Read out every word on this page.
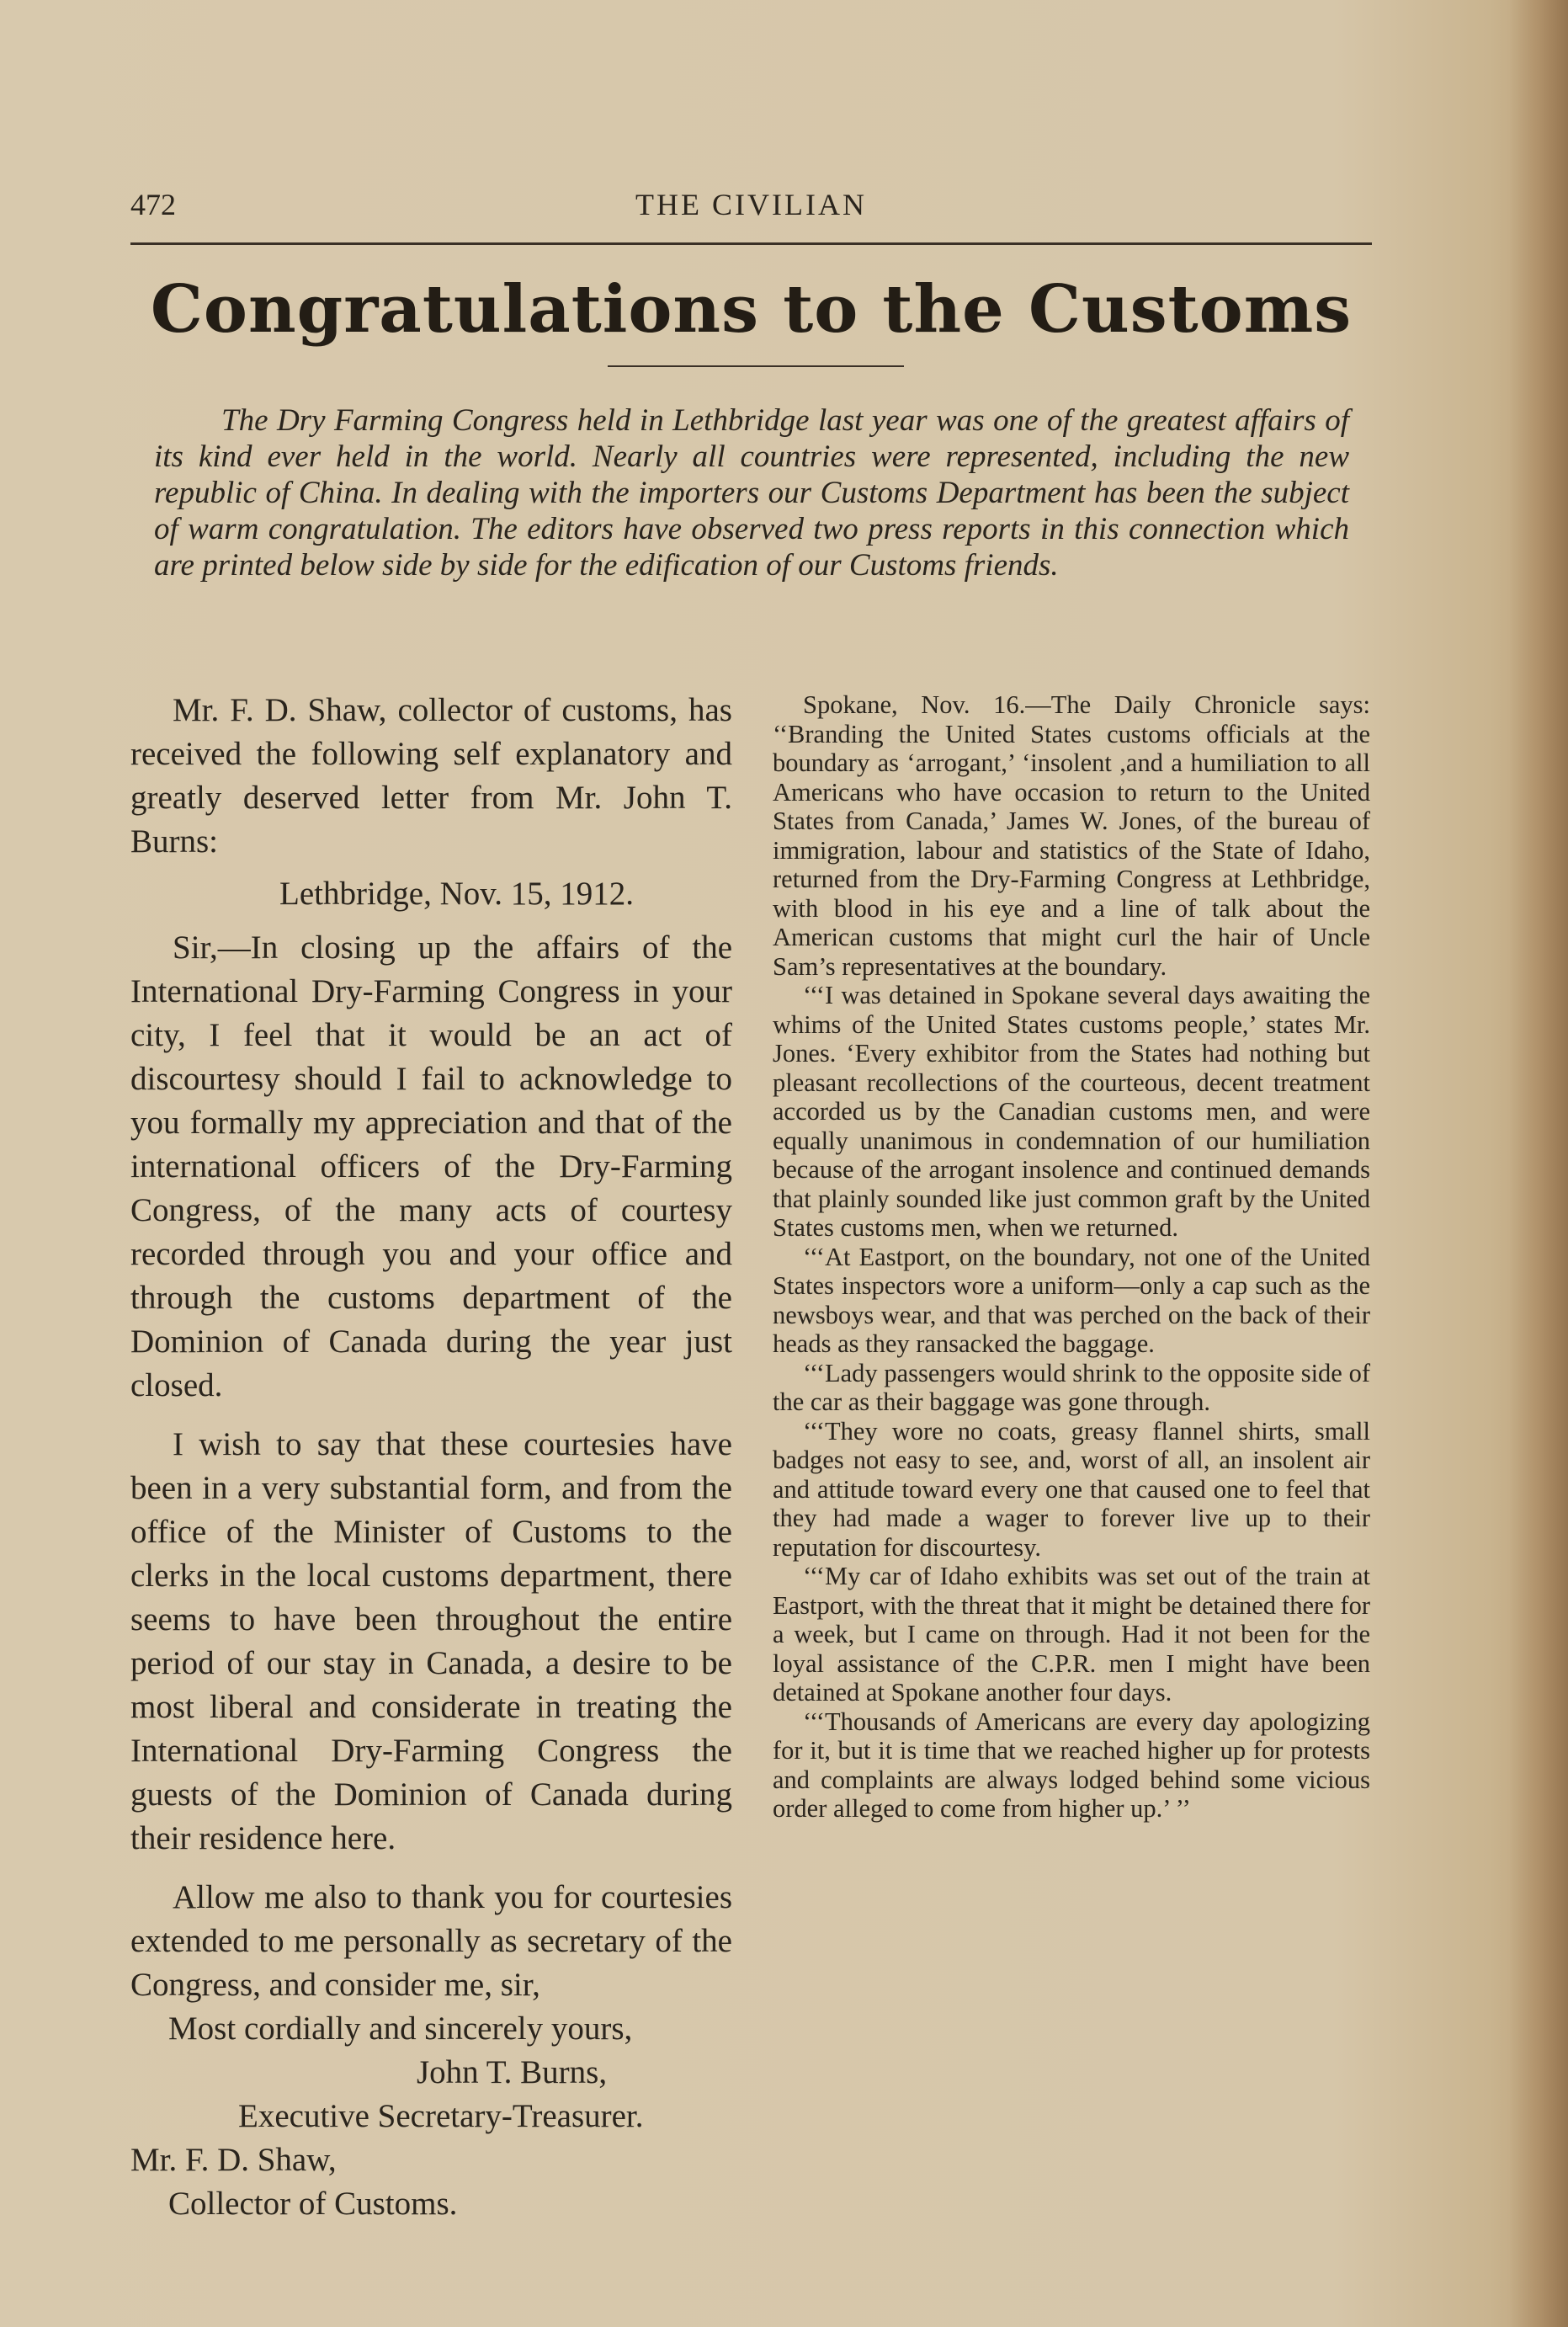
472	THE CIVILIAN
Congratulations to the Customs
The Dry Farming Congress held in Lethbridge last year was one of the greatest affairs of its kind ever held in the world. Nearly all countries were represented, including the new republic of China. In dealing with the importers our Customs Department has been the subject of warm congratulation. The editors have observed two press reports in this connection which are printed below side by side for the edification of our Customs friends.

Mr. F. D. Shaw, collector of customs, has received the following self explanatory and greatly deserved letter from Mr. John T. Burns:

Lethbridge, Nov. 15, 1912.

Sir,—In closing up the affairs of the International Dry-Farming Congress in your city, I feel that it would be an act of discourtesy should I fail to acknowledge to you formally my appreciation and that of the international officers of the Dry-Farming Congress, of the many acts of courtesy recorded through you and your office and through the customs department of the Dominion of Canada during the year just closed.

I wish to say that these courtesies have been in a very substantial form, and from the office of the Minister of Customs to the clerks in the local customs department, there seems to have been throughout the entire period of our stay in Canada, a desire to be most liberal and considerate in treating the International Dry-Farming Congress the guests of the Dominion of Canada during their residence here.

Allow me also to thank you for courtesies extended to me personally as secretary of the Congress, and consider me, sir,

Most cordially and sincerely yours,

John T. Burns,

Executive Secretary-Treasurer.

Mr. F. D. Shaw,

Collector of Customs.

Spokane, Nov. 16.—The Daily Chronicle says: ‘‘Branding the United States customs officials at the boundary as ‘arrogant,’ ‘insolent ,and a humiliation to all Americans who have occasion to return to the United States from Canada,’ James W. Jones, of the bureau of immigration, labour and statistics of the State of Idaho, returned from the Dry-Farming Congress at Lethbridge, with blood in his eye and a line of talk about the American customs that might curl the hair of Uncle Sam’s representatives at the boundary.

‘‘‘I was detained in Spokane several days awaiting the whims of the United States customs people,’ states Mr. Jones. ‘Every exhibitor from the States had nothing but pleasant recollections of the courteous, decent treatment accorded us by the Canadian customs men, and were equally unanimous in condemnation of our humiliation because of the arrogant insolence and continued demands that plainly sounded like just common graft by the United States customs men, when we returned.

‘‘‘At Eastport, on the boundary, not one of the United States inspectors wore a uniform—only a cap such as the newsboys wear, and that was perched on the back of their heads as they ransacked the baggage.

‘‘‘Lady passengers would shrink to the opposite side of the car as their baggage was gone through.

‘‘‘They wore no coats, greasy flannel shirts, small badges not easy to see, and, worst of all, an insolent air and attitude toward every one that caused one to feel that they had made a wager to forever live up to their reputation for discourtesy.

‘‘‘My car of Idaho exhibits was set out of the train at Eastport, with the threat that it might be detained there for a week, but I came on through. Had it not been for the loyal assistance of the C.P.R. men I might have been detained at Spokane another four days.

‘‘‘Thousands of Americans are every day apologizing for it, but it is time that we reached higher up for protests and complaints are always lodged behind some vicious order alleged to come from higher up.’ ’’
